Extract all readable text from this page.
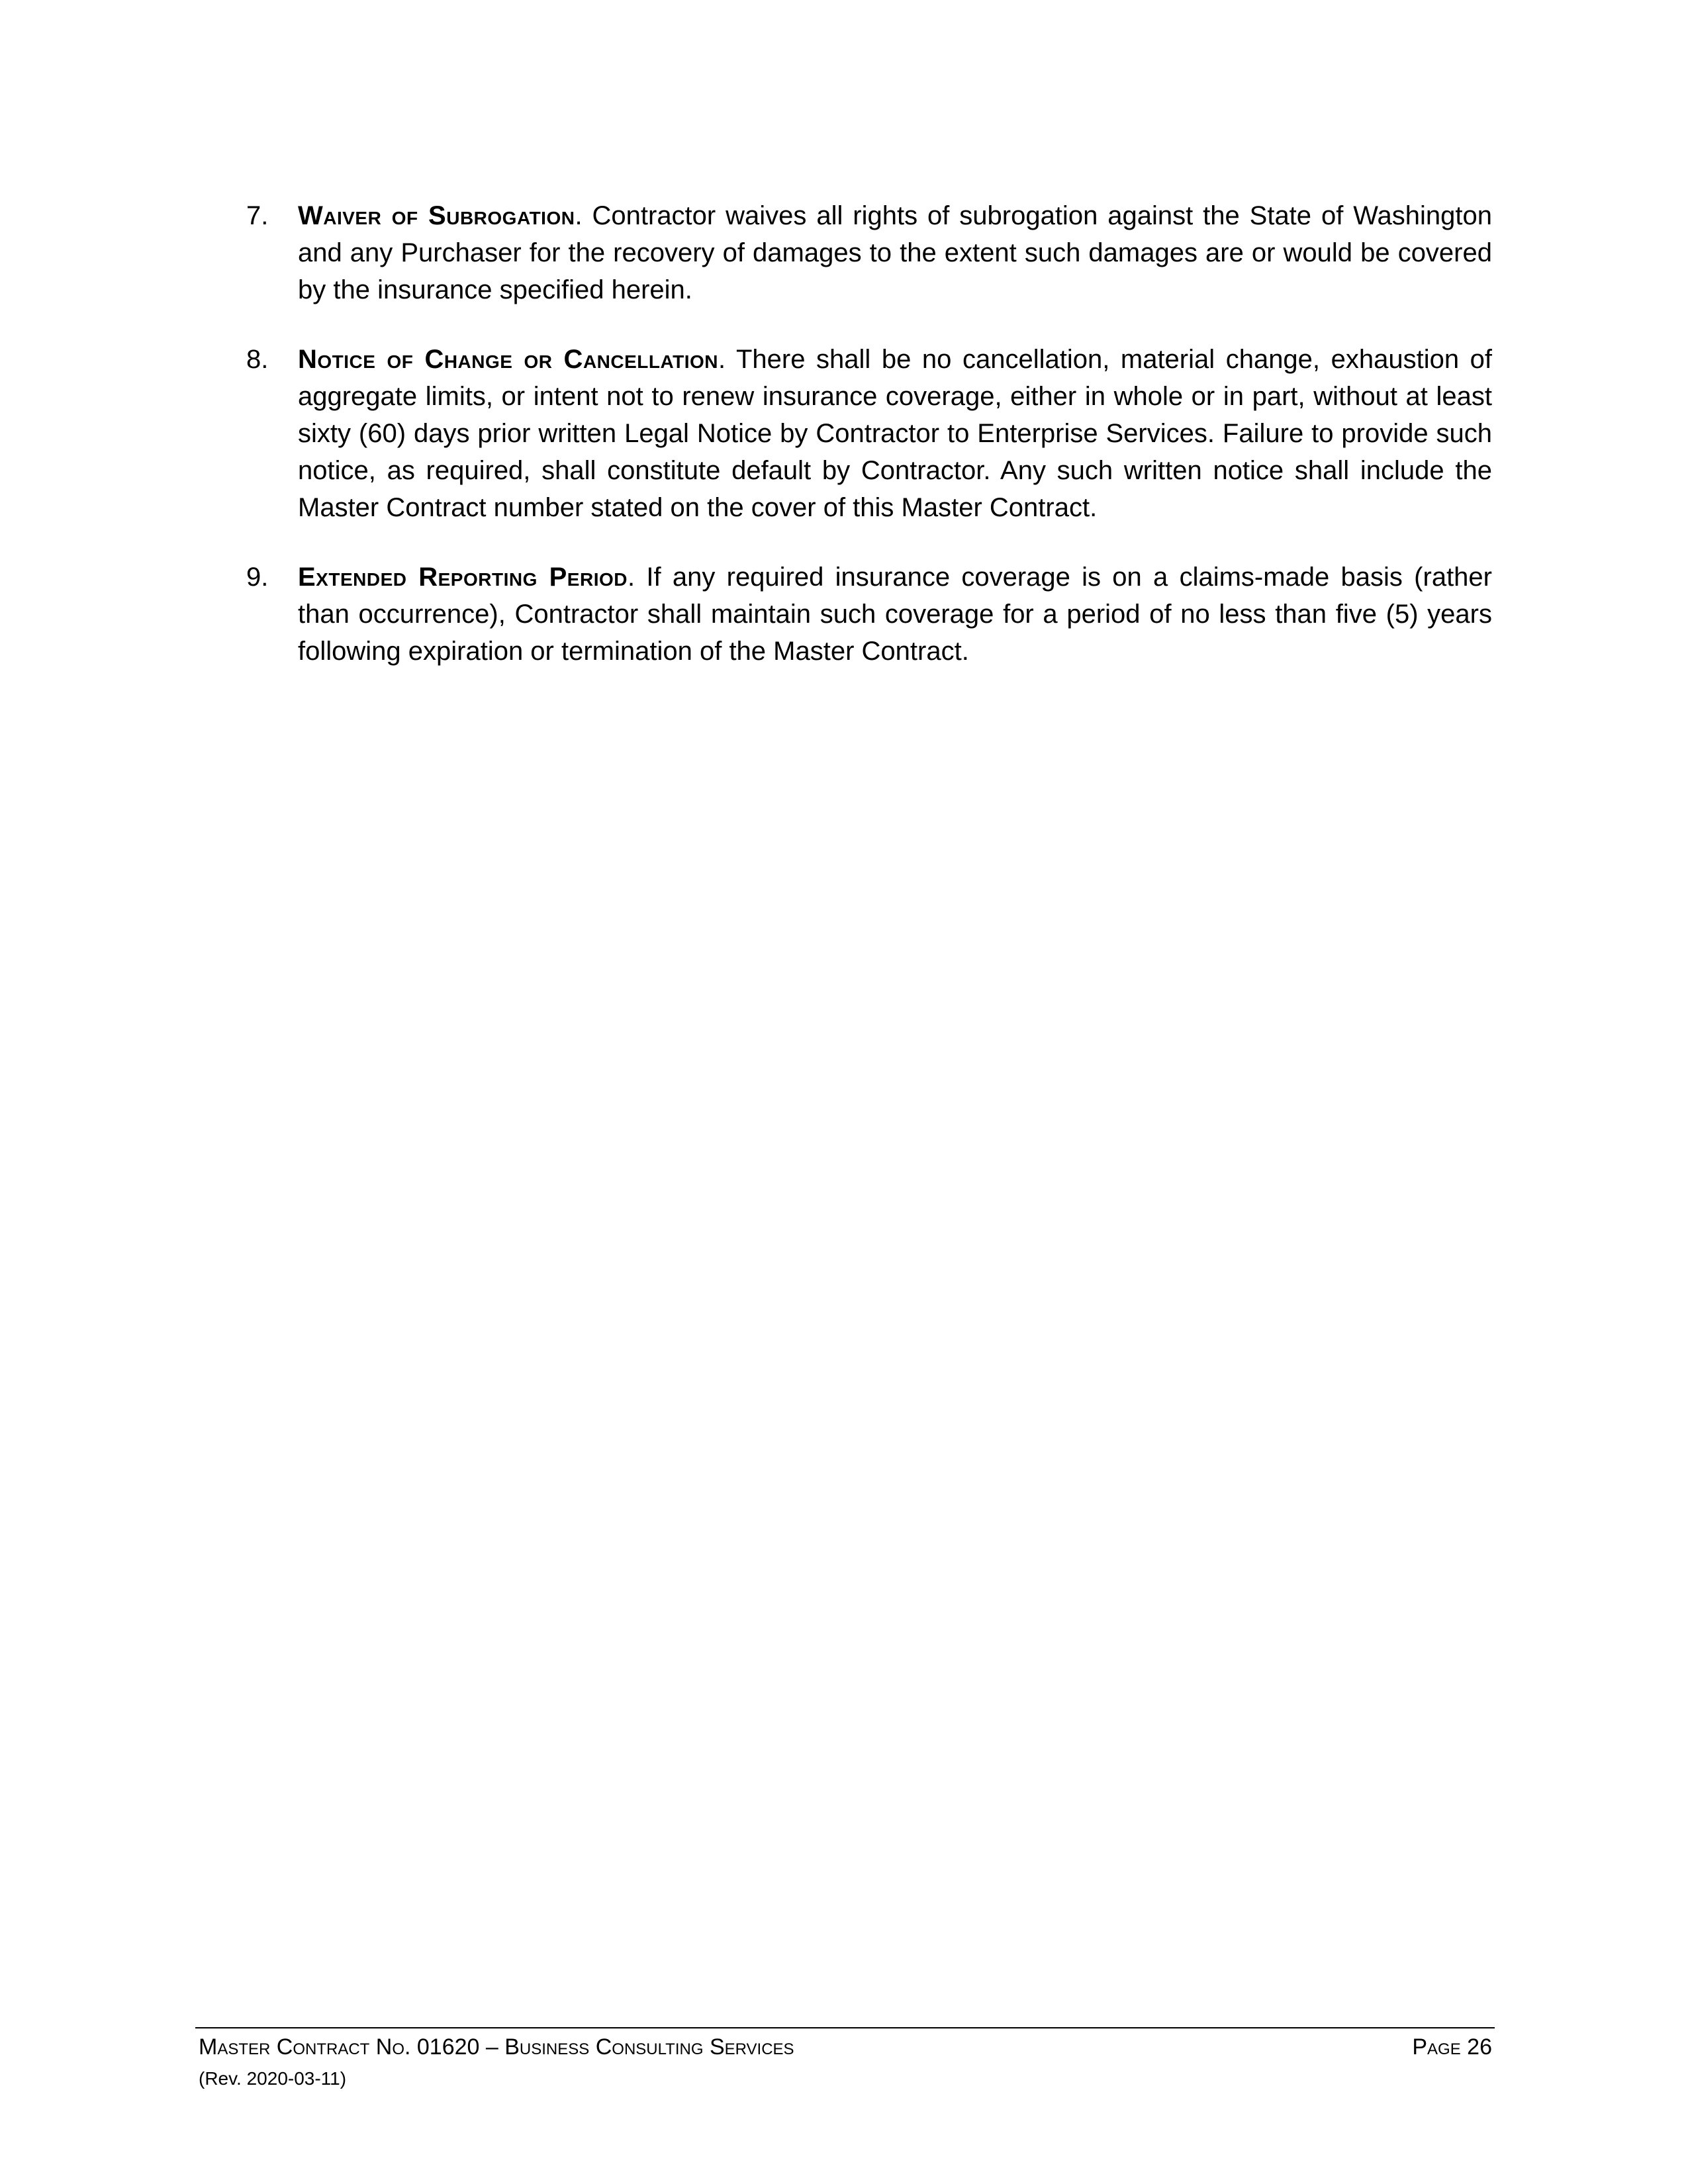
7.	Waiver of Subrogation. Contractor waives all rights of subrogation against the State of Washington and any Purchaser for the recovery of damages to the extent such damages are or would be covered by the insurance specified herein.
8.	Notice of Change or Cancellation. There shall be no cancellation, material change, exhaustion of aggregate limits, or intent not to renew insurance coverage, either in whole or in part, without at least sixty (60) days prior written Legal Notice by Contractor to Enterprise Services. Failure to provide such notice, as required, shall constitute default by Contractor. Any such written notice shall include the Master Contract number stated on the cover of this Master Contract.
9.	Extended Reporting Period. If any required insurance coverage is on a claims-made basis (rather than occurrence), Contractor shall maintain such coverage for a period of no less than five (5) years following expiration or termination of the Master Contract.
Master Contract No. 01620 – Business Consulting Services	Page 26
(Rev. 2020-03-11)
